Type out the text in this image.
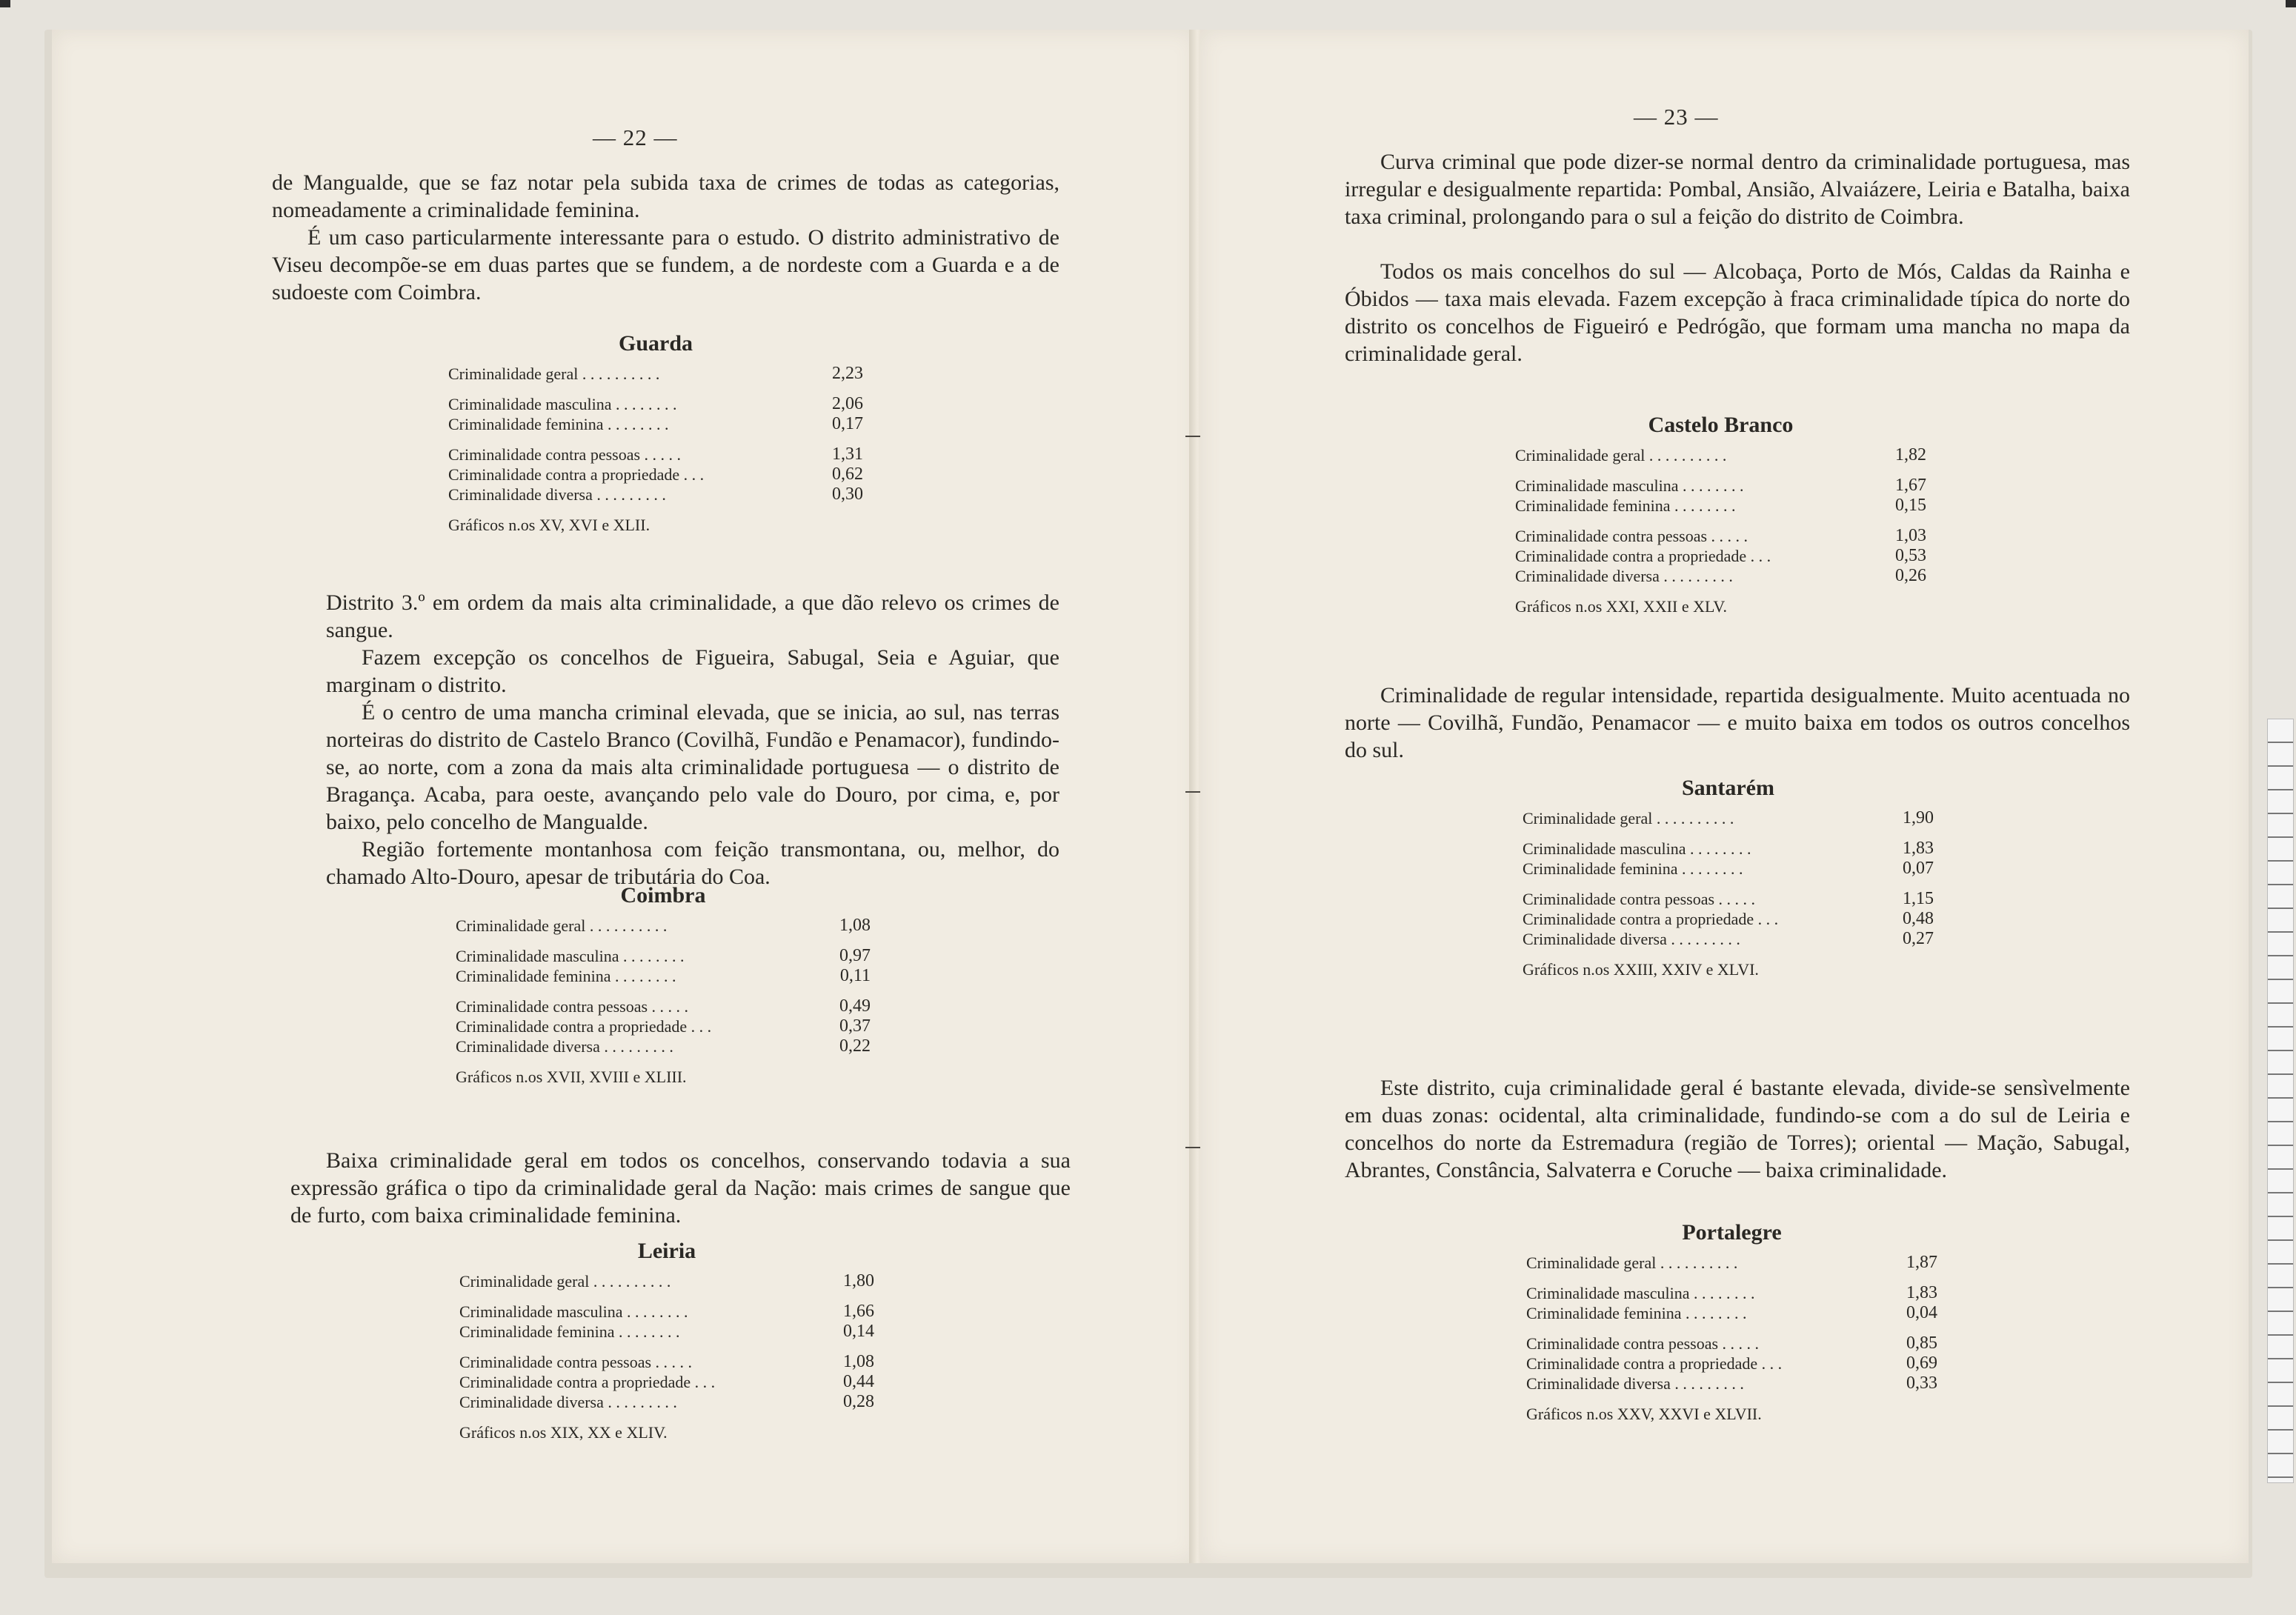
— 22 —

de Mangualde, que se faz notar pela subida taxa de crimes de todas as categorias, nomeadamente a criminalidade feminina.

É um caso particularmente interessante para o estudo. O distrito administrativo de Viseu decompõe-se em duas partes que se fundem, a de nordeste com a Guarda e a de sudoeste com Coimbra.

Guarda
Criminalidade geral . . . . . . . . . .	2,23
Criminalidade masculina . . . . . . . .	2,06
Criminalidade feminina . . . . . . . .	0,17
Criminalidade contra pessoas . . . . .	1,31
Criminalidade contra a propriedade . . .	0,62
Criminalidade diversa . . . . . . . . .	0,30
Gráficos n.os XV, XVI e XLII.

Distrito 3.º em ordem da mais alta criminalidade, a que dão relevo os crimes de sangue.

Fazem excepção os concelhos de Figueira, Sabugal, Seia e Aguiar, que marginam o distrito.

É o centro de uma mancha criminal elevada, que se inicia, ao sul, nas terras norteiras do distrito de Castelo Branco (Covilhã, Fundão e Penamacor), fundindo-se, ao norte, com a zona da mais alta criminalidade portuguesa — o distrito de Bragança. Acaba, para oeste, avançando pelo vale do Douro, por cima, e, por baixo, pelo concelho de Mangualde.

Região fortemente montanhosa com feição transmontana, ou, melhor, do chamado Alto-Douro, apesar de tributária do Coa.

Coimbra
Criminalidade geral . . . . . . . . . .	1,08
Criminalidade masculina . . . . . . . .	0,97
Criminalidade feminina . . . . . . . .	0,11
Criminalidade contra pessoas . . . . .	0,49
Criminalidade contra a propriedade . . .	0,37
Criminalidade diversa . . . . . . . . .	0,22
Gráficos n.os XVII, XVIII e XLIII.

Baixa criminalidade geral em todos os concelhos, conservando todavia a sua expressão gráfica o tipo da criminalidade geral da Nação: mais crimes de sangue que de furto, com baixa criminalidade feminina.

Leiria
Criminalidade geral . . . . . . . . . .	1,80
Criminalidade masculina . . . . . . . .	1,66
Criminalidade feminina . . . . . . . .	0,14
Criminalidade contra pessoas . . . . .	1,08
Criminalidade contra a propriedade . . .	0,44
Criminalidade diversa . . . . . . . . .	0,28
Gráficos n.os XIX, XX e XLIV.
— 23 —

Curva criminal que pode dizer-se normal dentro da criminalidade portuguesa, mas irregular e desigualmente repartida: Pombal, Ansião, Alvaiázere, Leiria e Batalha, baixa taxa criminal, prolongando para o sul a feição do distrito de Coimbra.

Todos os mais concelhos do sul — Alcobaça, Porto de Mós, Caldas da Rainha e Óbidos — taxa mais elevada. Fazem excepção à fraca criminalidade típica do norte do distrito os concelhos de Figueiró e Pedrógão, que formam uma mancha no mapa da criminalidade geral.

Castelo Branco
Criminalidade geral . . . . . . . . . .	1,82
Criminalidade masculina . . . . . . . .	1,67
Criminalidade feminina . . . . . . . .	0,15
Criminalidade contra pessoas . . . . .	1,03
Criminalidade contra a propriedade . . .	0,53
Criminalidade diversa . . . . . . . . .	0,26
Gráficos n.os XXI, XXII e XLV.

Criminalidade de regular intensidade, repartida desigualmente. Muito acentuada no norte — Covilhã, Fundão, Penamacor — e muito baixa em todos os outros concelhos do sul.

Santarém
Criminalidade geral . . . . . . . . . .	1,90
Criminalidade masculina . . . . . . . .	1,83
Criminalidade feminina . . . . . . . .	0,07
Criminalidade contra pessoas . . . . .	1,15
Criminalidade contra a propriedade . . .	0,48
Criminalidade diversa . . . . . . . . .	0,27
Gráficos n.os XXIII, XXIV e XLVI.

Este distrito, cuja criminalidade geral é bastante elevada, divide-se sensìvelmente em duas zonas: ocidental, alta criminalidade, fundindo-se com a do sul de Leiria e concelhos do norte da Estremadura (região de Torres); oriental — Mação, Sabugal, Abrantes, Constância, Salvaterra e Coruche — baixa criminalidade.

Portalegre
Criminalidade geral . . . . . . . . . .	1,87
Criminalidade masculina . . . . . . . .	1,83
Criminalidade feminina . . . . . . . .	0,04
Criminalidade contra pessoas . . . . .	0,85
Criminalidade contra a propriedade . . .	0,69
Criminalidade diversa . . . . . . . . .	0,33
Gráficos n.os XXV, XXVI e XLVII.
